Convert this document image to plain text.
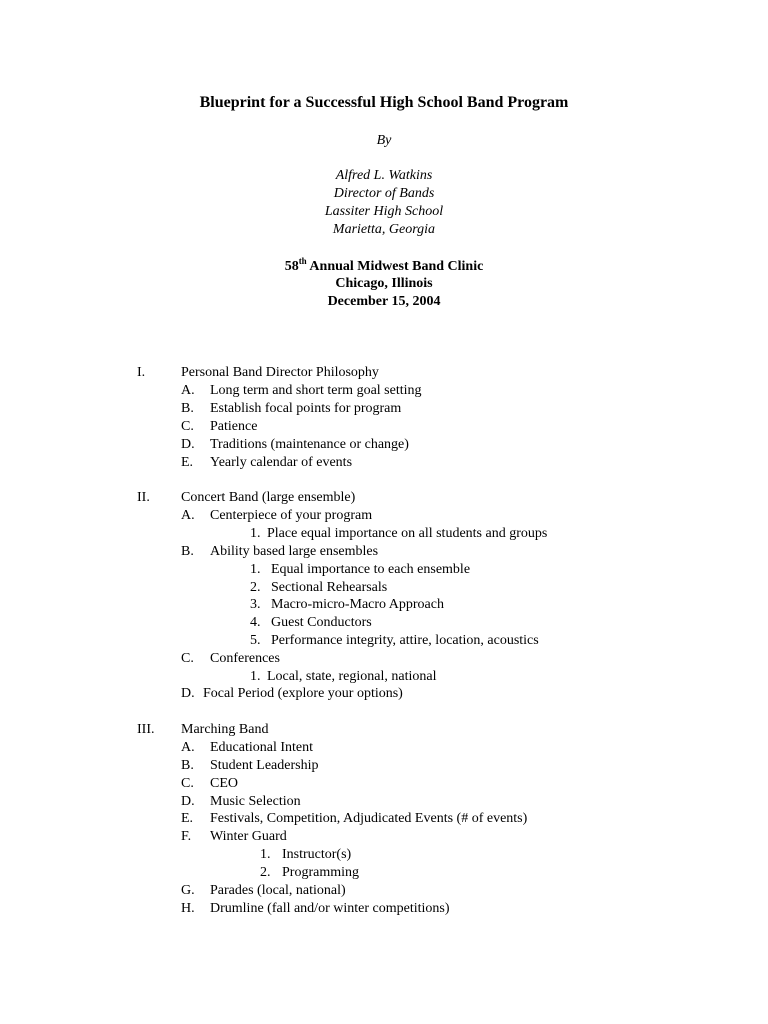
Blueprint for a Successful High School Band Program
By
Alfred L. Watkins
Director of Bands
Lassiter High School
Marietta, Georgia
58th Annual Midwest Band Clinic
Chicago, Illinois
December 15, 2004
I.	Personal Band Director Philosophy
A. Long term and short term goal setting
B. Establish focal points for program
C. Patience
D. Traditions (maintenance or change)
E. Yearly calendar of events
II. Concert Band (large ensemble)
A. Centerpiece of your program
1. Place equal importance on all students and groups
B. Ability based large ensembles
1. Equal importance to each ensemble
2. Sectional Rehearsals
3. Macro-micro-Macro Approach
4. Guest Conductors
5. Performance integrity, attire, location, acoustics
C. Conferences
1. Local, state, regional, national
D. Focal Period (explore your options)
III. Marching Band
A. Educational Intent
B. Student Leadership
C. CEO
D. Music Selection
E. Festivals, Competition, Adjudicated Events (# of events)
F. Winter Guard
1. Instructor(s)
2. Programming
G. Parades (local, national)
H. Drumline (fall and/or winter competitions)
